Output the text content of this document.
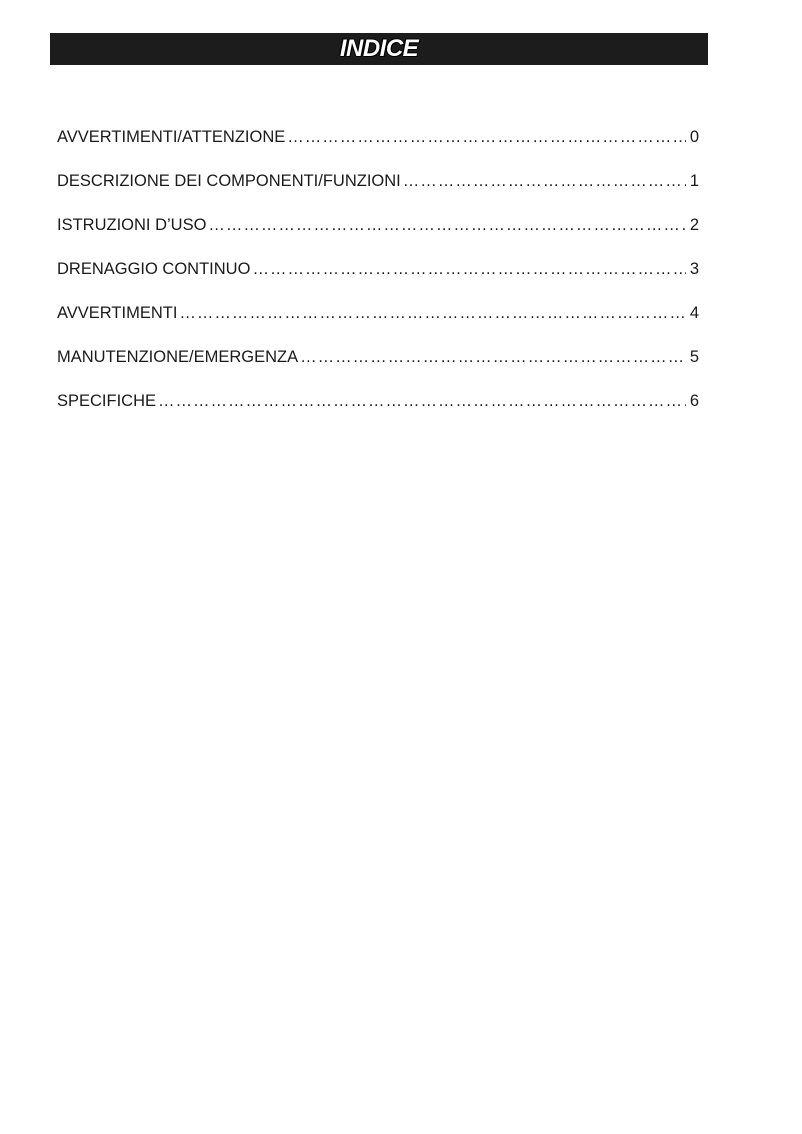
INDICE
AVVERTIMENTI/ATTENZIONE ……………………………………………………………………………………………………………………………………………………	0
DESCRIZIONE DEI COMPONENTI/FUNZIONI ……………………………………………………………………………………………………………………………………………………	1
ISTRUZIONI D’USO ……………………………………………………………………………………………………………………………………………………	2
DRENAGGIO CONTINUO ……………………………………………………………………………………………………………………………………………………	3
AVVERTIMENTI ……………………………………………………………………………………………………………………………………………………	4
MANUTENZIONE/EMERGENZA ……………………………………………………………………………………………………………………………………………………	5
SPECIFICHE ……………………………………………………………………………………………………………………………………………………	6
